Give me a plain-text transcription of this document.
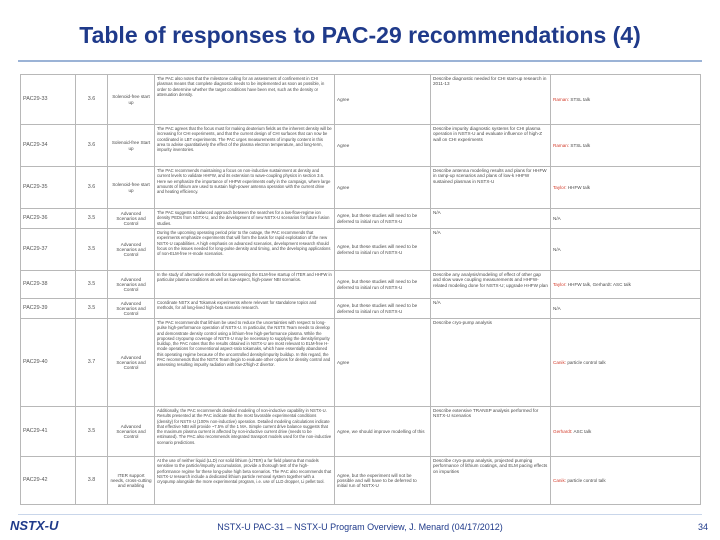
Table of responses to PAC-29 recommendations (4)
PAC29-33	3.6	Solenoid-free start up	The PAC also notes that the milestone calling for an assessment of confinement in CHI plasmas means that complete diagnostic needs to be implemented as soon as possible, in order to determine whether the target conditions have been met, such as the density or attenuation density.	Agree	Describe diagnostic needed for CHI start-up research in 2011-13	Raman: STSL talk
PAC29-34	3.6	Solenoid-free Start up	The PAC agrees that the focus must for making deuterium fields as the inherent density will be increasing for CHI experiments, and that the current design of CHI surfaces that can now be coordinated in LBT experiments. The PAC urges measurements of impurity content in this area to advise quantitatively the effect of the plasma electron temperature, and long-term, impurity inventories.	Agree	Describe impurity diagnostic systems for CHI plasma operation in NSTX-U and evaluate influence of high-Z wall on CHI experiments	Raman: STSL talk
PAC29-35	3.6	Solenoid-free start up	The PAC recommends maintaining a focus on non-inductive sustainment at density and current levels to validate HHFW, and its extension to wave-coupling physics in section 3.6. Here we emphasize the importance of HHFW experiments early in the campaign, where large amounts of lithium are used to sustain high-power antenna operation with the current drive and heating efficiency.	Agree	Describe antenna modeling results and plans for HHFW in ramp-up scenarios and plans of low-k HHFW sustained plasmas in NSTX-U	Taylor: HHFW talk
PAC29-36	3.5	Advanced Scenarios and Control	The PAC suggests a balanced approach between the searches for a low-flow-regime ion density PEDs from NSTX-U, and the development of new NSTX-U scenarios for future fusion studies.	Agree, but these studies will need to be deferred to initial run of NSTX-U	N/A	N/A
PAC29-37	3.5	Advanced Scenarios and Control	During the upcoming operating period prior to the outage, the PAC recommends that experiments emphasize experiments that will form the basis for rapid exploitation of the new NSTX-U capabilities. A high emphasis on advanced scenarios, development research should focus on the issues needed for long-pulse density and timing, and the developing applications of non-ELM-free H-mode scenarios.	Agree, but these studies will need to be deferred to initial run of NSTX-U	N/A	N/A
PAC29-38	3.5	Advanced Scenarios and Control	In the study of alternative methods for suppressing the ELM-free startup of ITER and HHFW in particular plasma conditions as well as low-aspect, high-power NBI scenarios.	Agree, but these studies will need to be deferred to initial run of NSTX-U	Describe any analysis/modeling of effect of other gap and slow wave coupling measurements and HHFW-related modeling done for NSTX-U; upgrade HHFW plan	Taylor: HHFW talk, Gerhardt: ASC talk
PAC29-39	3.5	Advanced Scenarios and Control	Coordinate NSTX and Tokamak experiments where relevant for standalone topics and methods, for all long-lived high-beta scenario research.	Agree, but these studies will need to be deferred to initial run of NSTX-U	N/A	N/A
PAC29-40	3.7	Advanced Scenarios and Control	The PAC recommends that lithium be used to reduce the uncertainties with respect to long-pulse high-performance operation of NSTX-U. In particular, the NSTX Team needs to develop and demonstrate density control using a lithium-free high-performance plasma. While the proposed cryopump coverage of NSTX-U may be necessary to supplying the density/impurity buildup, the PAC notes that the results obtained in NSTX-U are most relevant to ELM-free H-mode operations for conventional aspect-ratio tokamaks, which have essentially abandoned this operating regime because of the uncontrolled density/impurity buildup. In this regard, the PAC recommends that the NSTX Team begin to evaluate other options for density control and assessing resulting impurity radiation with low-Z/high-Z divertor.	Agree	Describe cryo-pump analysis	Canik: particle control talk
PAC29-41	3.5	Advanced Scenarios and Control	Additionally, the PAC recommends detailed modeling of non-inductive capability in NSTX-U. Results presented at the PAC indicate that the most favorable experimental conditions (density) for NSTX-U (100% non-inductive) operation. Detailed modeling calculations indicate that effective NBI will provide ~7.5% of the 1 MA. Simple current drive balance suggests that the maximum plasma current is affected by non-inductive current drive (needs to be estimated). The PAC also recommends integrated transport models used for the non-inductive scenario predictions.	Agree, we should improve modelling of this	Describe extensive TRANSP analysis performed for NSTX-U scenarios	Gerhardt: ASC talk
PAC29-42	3.8	ITER support needs, cross-cutting and enabling	At the use of neither liquid (LLD) nor solid lithium (LiTER) a far field plasma that models sensitive to the particle/impurity accumulation, provide a thorough test of the high-performance regime for these long-pulse high beta scenarios. The PAC also recommends that NSTX-U research include a dedicated lithium particle removal system together with a cryopump alongside the more experimental program, i.e. use of LLD dropper, Li pellet tool.	Agree, but the experiment will not be possible and will have to be deferred to initial run of NSTX-U	Describe cryo-pump analysis, projected pumping performance of lithium coatings, and ELM pacing effects on impurities	Canik: particle control talk
NSTX-U	NSTX-U PAC-31 – NSTX-U Program Overview, J. Menard (04/17/2012)	34
